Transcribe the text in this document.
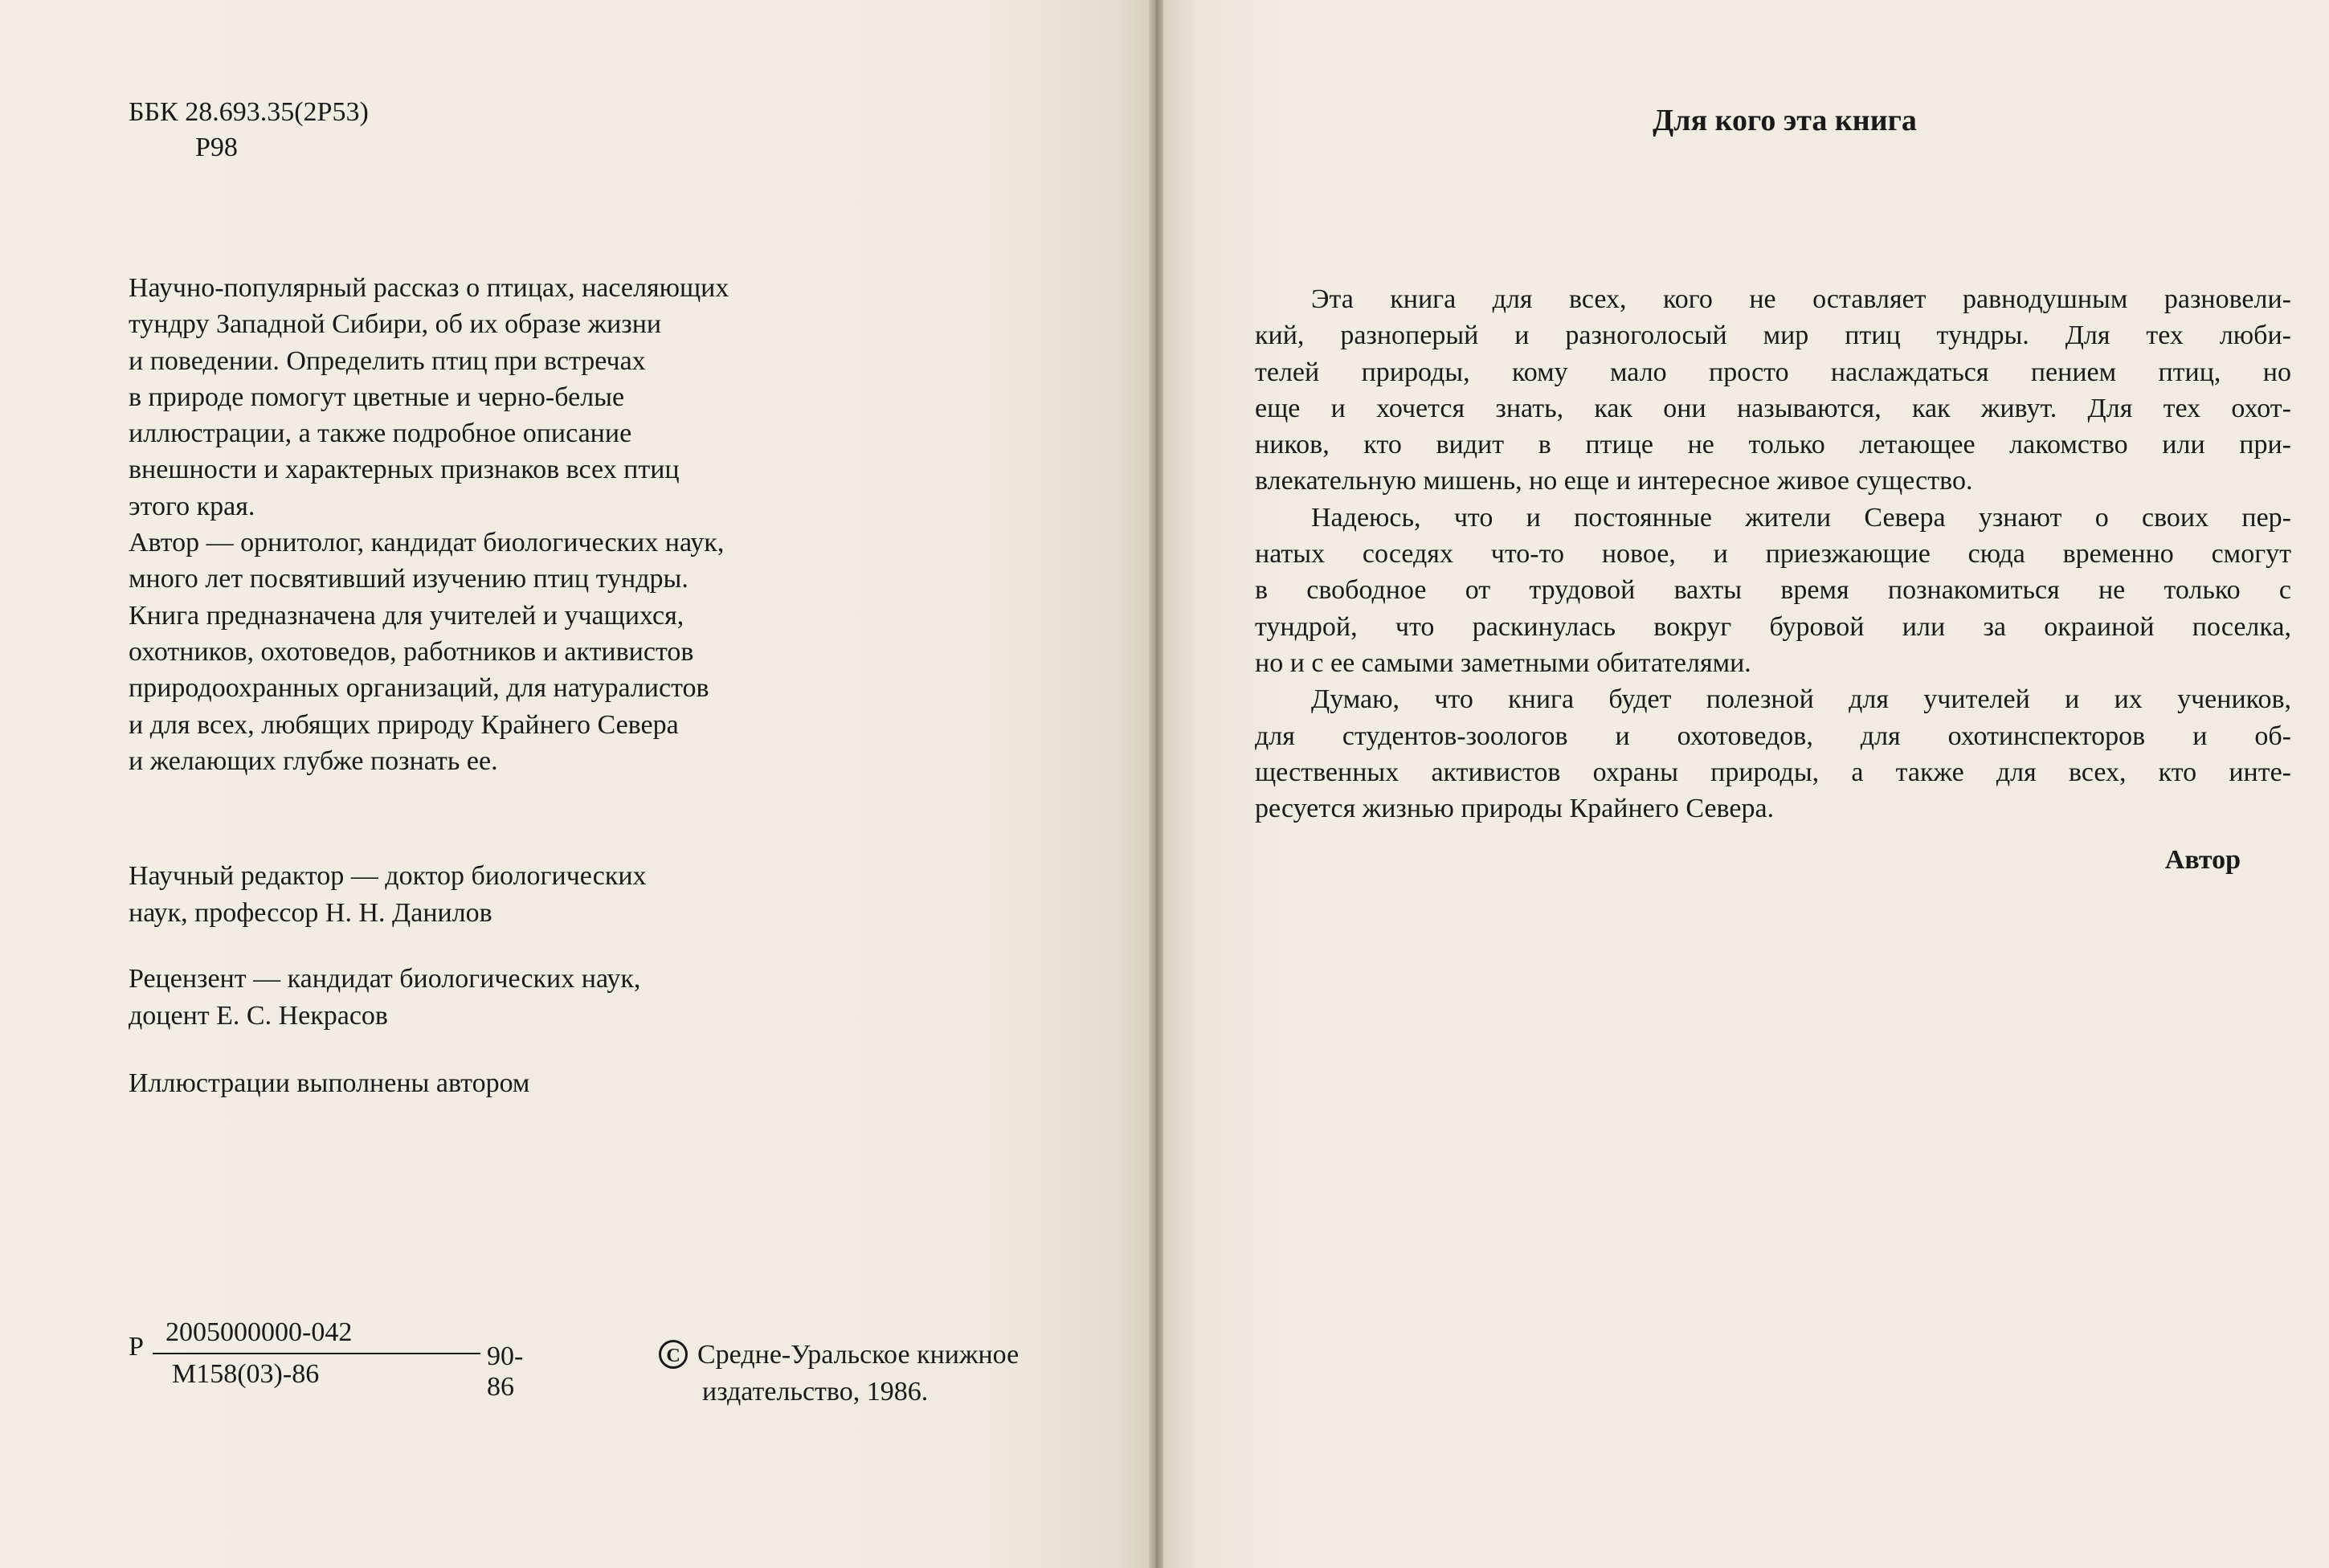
ББК 28.693.35(2Р53)
Р98
Научно-популярный рассказ о птицах, населяющих
тундру Западной Сибири, об их образе жизни
и поведении. Определить птиц при встречах
в природе помогут цветные и черно-белые
иллюстрации, а также подробное описание
внешности и характерных признаков всех птиц
этого края.
Автор — орнитолог, кандидат биологических наук,
много лет посвятивший изучению птиц тундры.
Книга предназначена для учителей и учащихся,
охотников, охотоведов, работников и активистов
природоохранных организаций, для натуралистов
и для всех, любящих природу Крайнего Севера
и желающих глубже познать ее.
Научный редактор — доктор биологических
наук, профессор Н. Н. Данилов
Рецензент — кандидат биологических наук,
доцент Е. С. Некрасов
Иллюстрации выполнены автором
Р 2005000000-042
М158(03)-86
90-86
C Средне-Уральское книжное
издательство, 1986.
Для кого эта книга
Эта книга для всех, кого не оставляет равнодушным разновели-
кий, разноперый и разноголосый мир птиц тундры. Для тех люби-
телей природы, кому мало просто наслаждаться пением птиц, но
еще и хочется знать, как они называются, как живут. Для тех охот-
ников, кто видит в птице не только летающее лакомство или при-
влекательную мишень, но еще и интересное живое существо.
Надеюсь, что и постоянные жители Севера узнают о своих пер-
натых соседях что-то новое, и приезжающие сюда временно смогут
в свободное от трудовой вахты время познакомиться не только с
тундрой, что раскинулась вокруг буровой или за окраиной поселка,
но и с ее самыми заметными обитателями.
Думаю, что книга будет полезной для учителей и их учеников,
для студентов-зоологов и охотоведов, для охотинспекторов и об-
щественных активистов охраны природы, а также для всех, кто инте-
ресуется жизнью природы Крайнего Севера.
Автор
